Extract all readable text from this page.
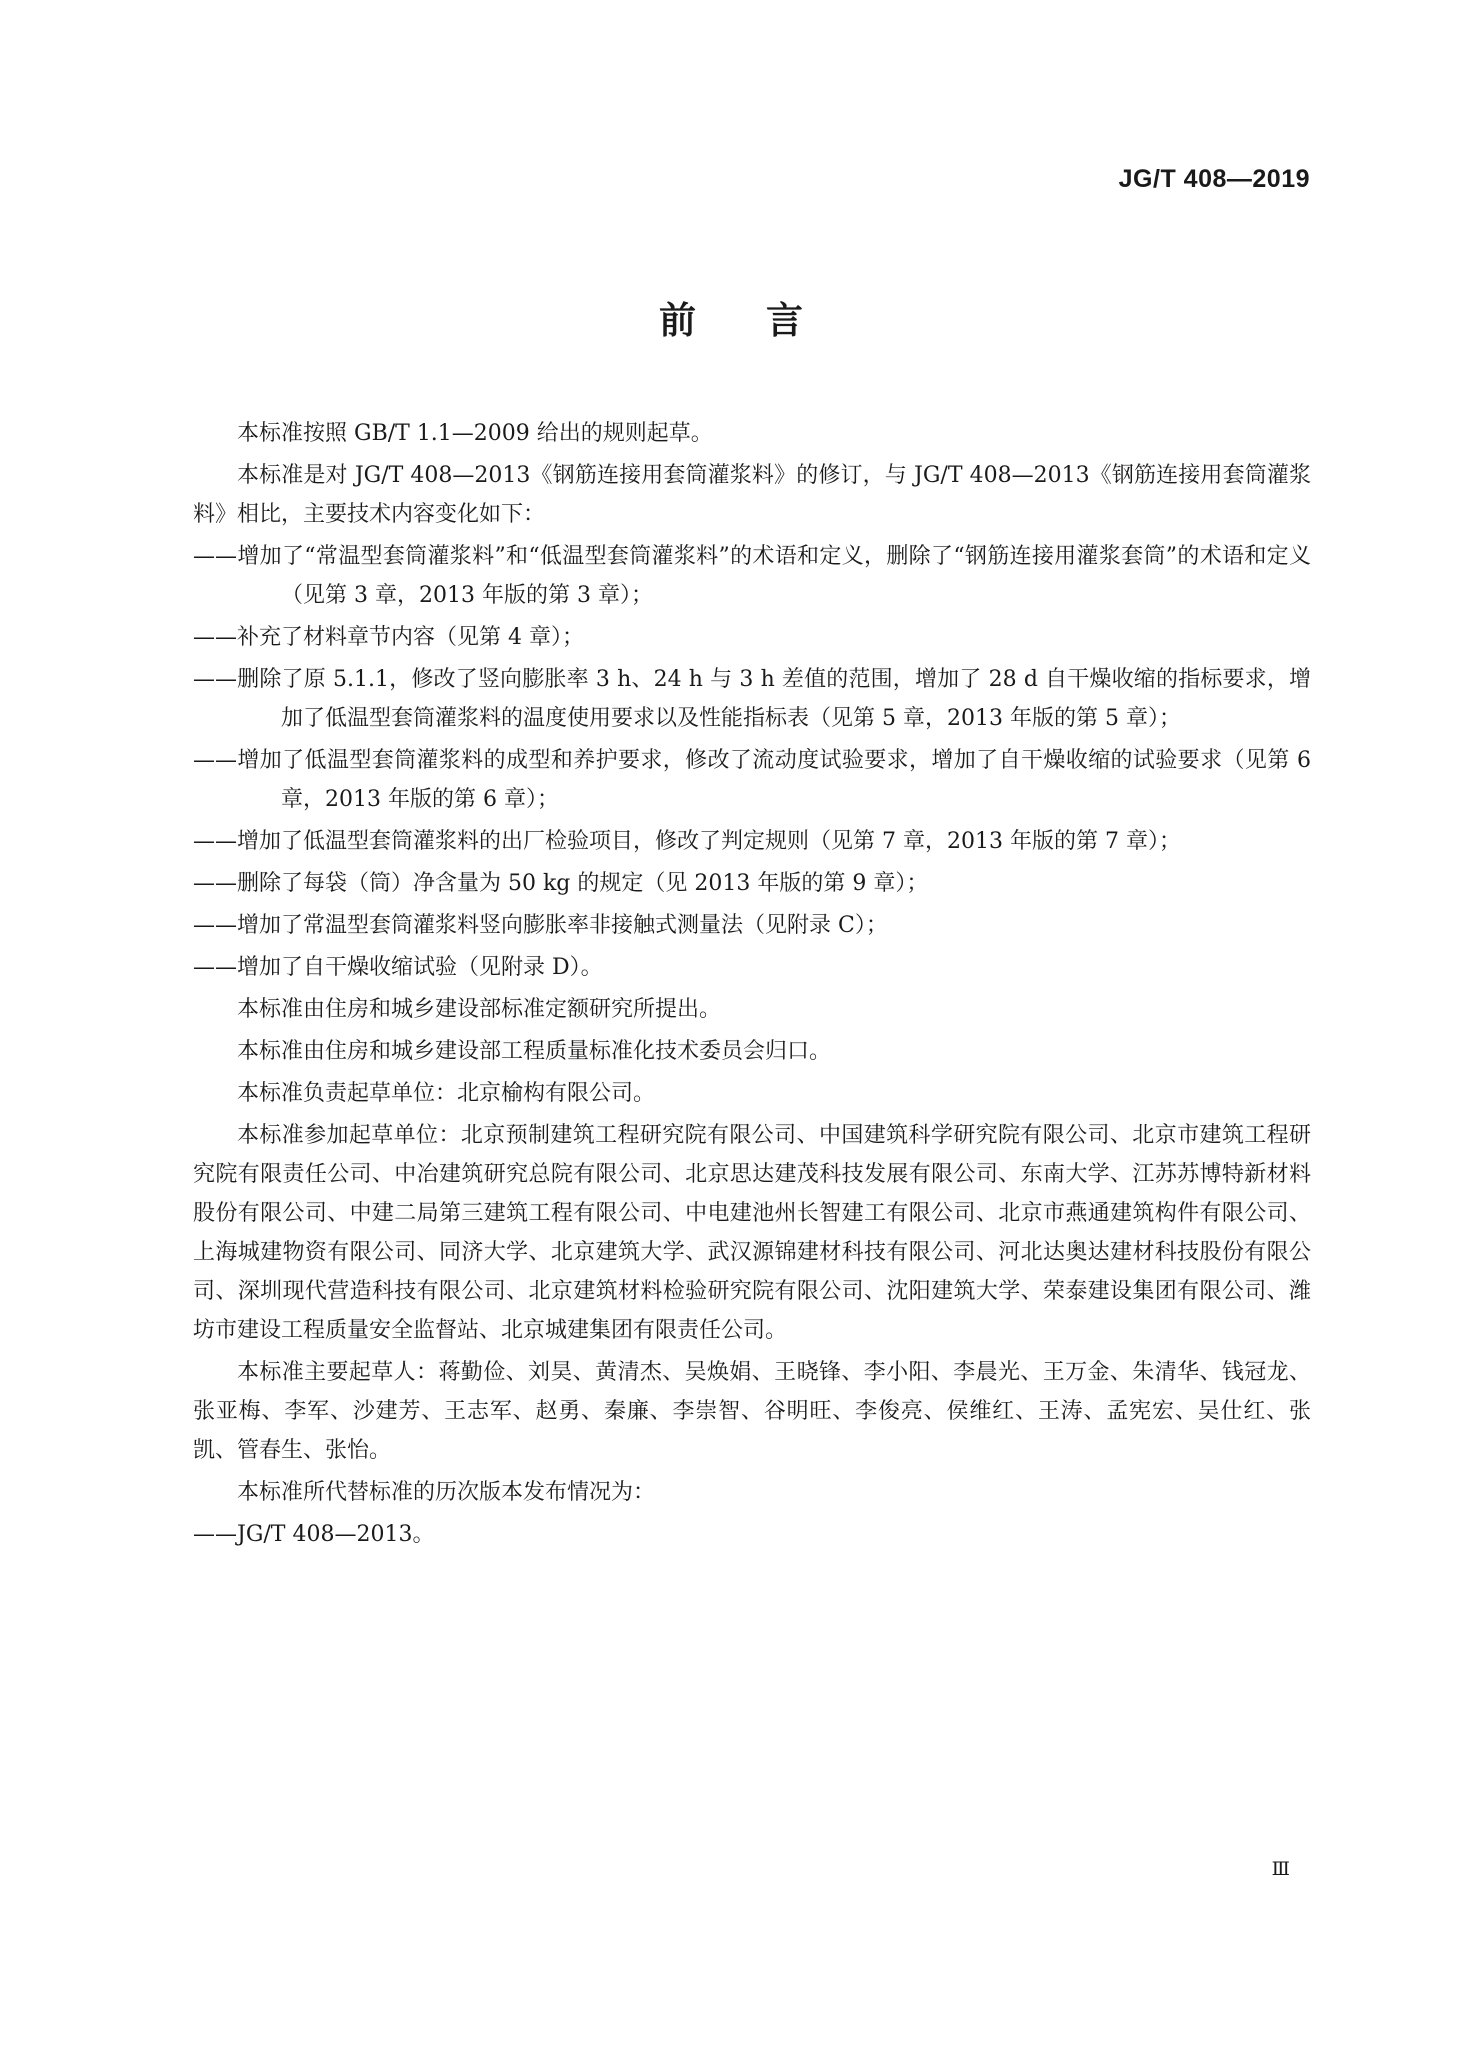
JG/T 408—2019
前言

本标准按照 GB/T 1.1—2009 给出的规则起草。

本标准是对 JG/T 408—2013《钢筋连接用套筒灌浆料》的修订，与 JG/T 408—2013《钢筋连接用套筒灌浆料》相比，主要技术内容变化如下：

——增加了“常温型套筒灌浆料”和“低温型套筒灌浆料”的术语和定义，删除了“钢筋连接用灌浆套筒”的术语和定义（见第 3 章，2013 年版的第 3 章）；

——补充了材料章节内容（见第 4 章）；

——删除了原 5.1.1，修改了竖向膨胀率 3 h、24 h 与 3 h 差值的范围，增加了 28 d 自干燥收缩的指标要求，增加了低温型套筒灌浆料的温度使用要求以及性能指标表（见第 5 章，2013 年版的第 5 章）；

——增加了低温型套筒灌浆料的成型和养护要求，修改了流动度试验要求，增加了自干燥收缩的试验要求（见第 6 章，2013 年版的第 6 章）；

——增加了低温型套筒灌浆料的出厂检验项目，修改了判定规则（见第 7 章，2013 年版的第 7 章）；

——删除了每袋（筒）净含量为 50 kg 的规定（见 2013 年版的第 9 章）；

——增加了常温型套筒灌浆料竖向膨胀率非接触式测量法（见附录 C）；

——增加了自干燥收缩试验（见附录 D）。

本标准由住房和城乡建设部标准定额研究所提出。

本标准由住房和城乡建设部工程质量标准化技术委员会归口。

本标准负责起草单位：北京榆构有限公司。

本标准参加起草单位：北京预制建筑工程研究院有限公司、中国建筑科学研究院有限公司、北京市建筑工程研究院有限责任公司、中冶建筑研究总院有限公司、北京思达建茂科技发展有限公司、东南大学、江苏苏博特新材料股份有限公司、中建二局第三建筑工程有限公司、中电建池州长智建工有限公司、北京市燕通建筑构件有限公司、上海城建物资有限公司、同济大学、北京建筑大学、武汉源锦建材科技有限公司、河北达奥达建材科技股份有限公司、深圳现代营造科技有限公司、北京建筑材料检验研究院有限公司、沈阳建筑大学、荣泰建设集团有限公司、潍坊市建设工程质量安全监督站、北京城建集团有限责任公司。

本标准主要起草人：蒋勤俭、刘昊、黄清杰、吴焕娟、王晓锋、李小阳、李晨光、王万金、朱清华、钱冠龙、张亚梅、李军、沙建芳、王志军、赵勇、秦廉、李崇智、谷明旺、李俊亮、侯维红、王涛、孟宪宏、吴仕红、张凯、管春生、张怡。

本标准所代替标准的历次版本发布情况为：

——JG/T 408—2013。

Ⅲ
